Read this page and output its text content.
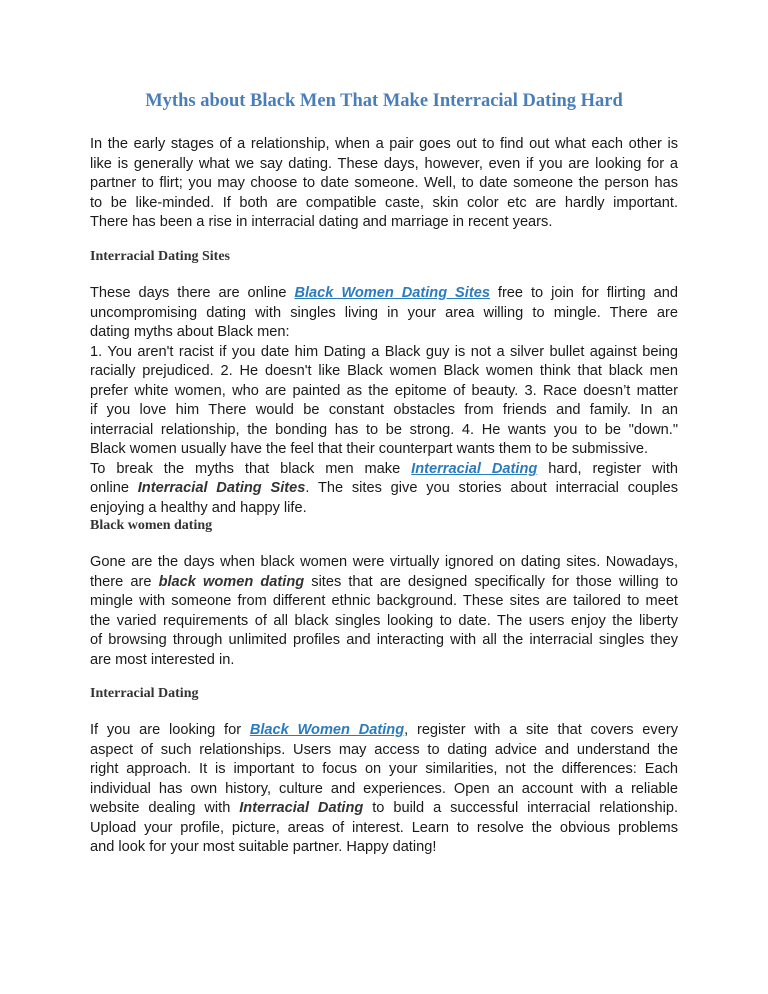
Myths about Black Men That Make Interracial Dating Hard
In the early stages of a relationship, when a pair goes out to find out what each other is
like is generally what we say dating. These days, however, even if you are looking for a
partner to flirt; you may choose to date someone. Well, to date someone the person has
to be like-minded. If both are compatible caste, skin color etc are hardly important.
There has been a rise in interracial dating and marriage in recent years.
Interracial Dating Sites
These days there are online Black Women Dating Sites free to join for flirting and
uncompromising dating with singles living in your area willing to mingle. There are
dating myths about Black men:
1. You aren't racist if you date him Dating a Black guy is not a silver bullet against being
racially prejudiced. 2. He doesn't like Black women Black women think that black men
prefer white women, who are painted as the epitome of beauty. 3. Race doesn’t matter
if you love him There would be constant obstacles from friends and family. In an
interracial relationship, the bonding has to be strong. 4. He wants you to be "down."
Black women usually have the feel that their counterpart wants them to be submissive.
To break the myths that black men make Interracial Dating hard, register with
online Interracial Dating Sites. The sites give you stories about interracial couples
enjoying a healthy and happy life.
Black women dating
Gone are the days when black women were virtually ignored on dating sites. Nowadays,
there are black women dating sites that are designed specifically for those willing to
mingle with someone from different ethnic background. These sites are tailored to meet
the varied requirements of all black singles looking to date. The users enjoy the liberty
of browsing through unlimited profiles and interacting with all the interracial singles they
are most interested in.
Interracial Dating
If you are looking for Black Women Dating, register with a site that covers every
aspect of such relationships. Users may access to dating advice and understand the
right approach. It is important to focus on your similarities, not the differences: Each
individual has own history, culture and experiences. Open an account with a reliable
website dealing with Interracial Dating to build a successful interracial relationship.
Upload your profile, picture, areas of interest. Learn to resolve the obvious problems
and look for your most suitable partner. Happy dating!
